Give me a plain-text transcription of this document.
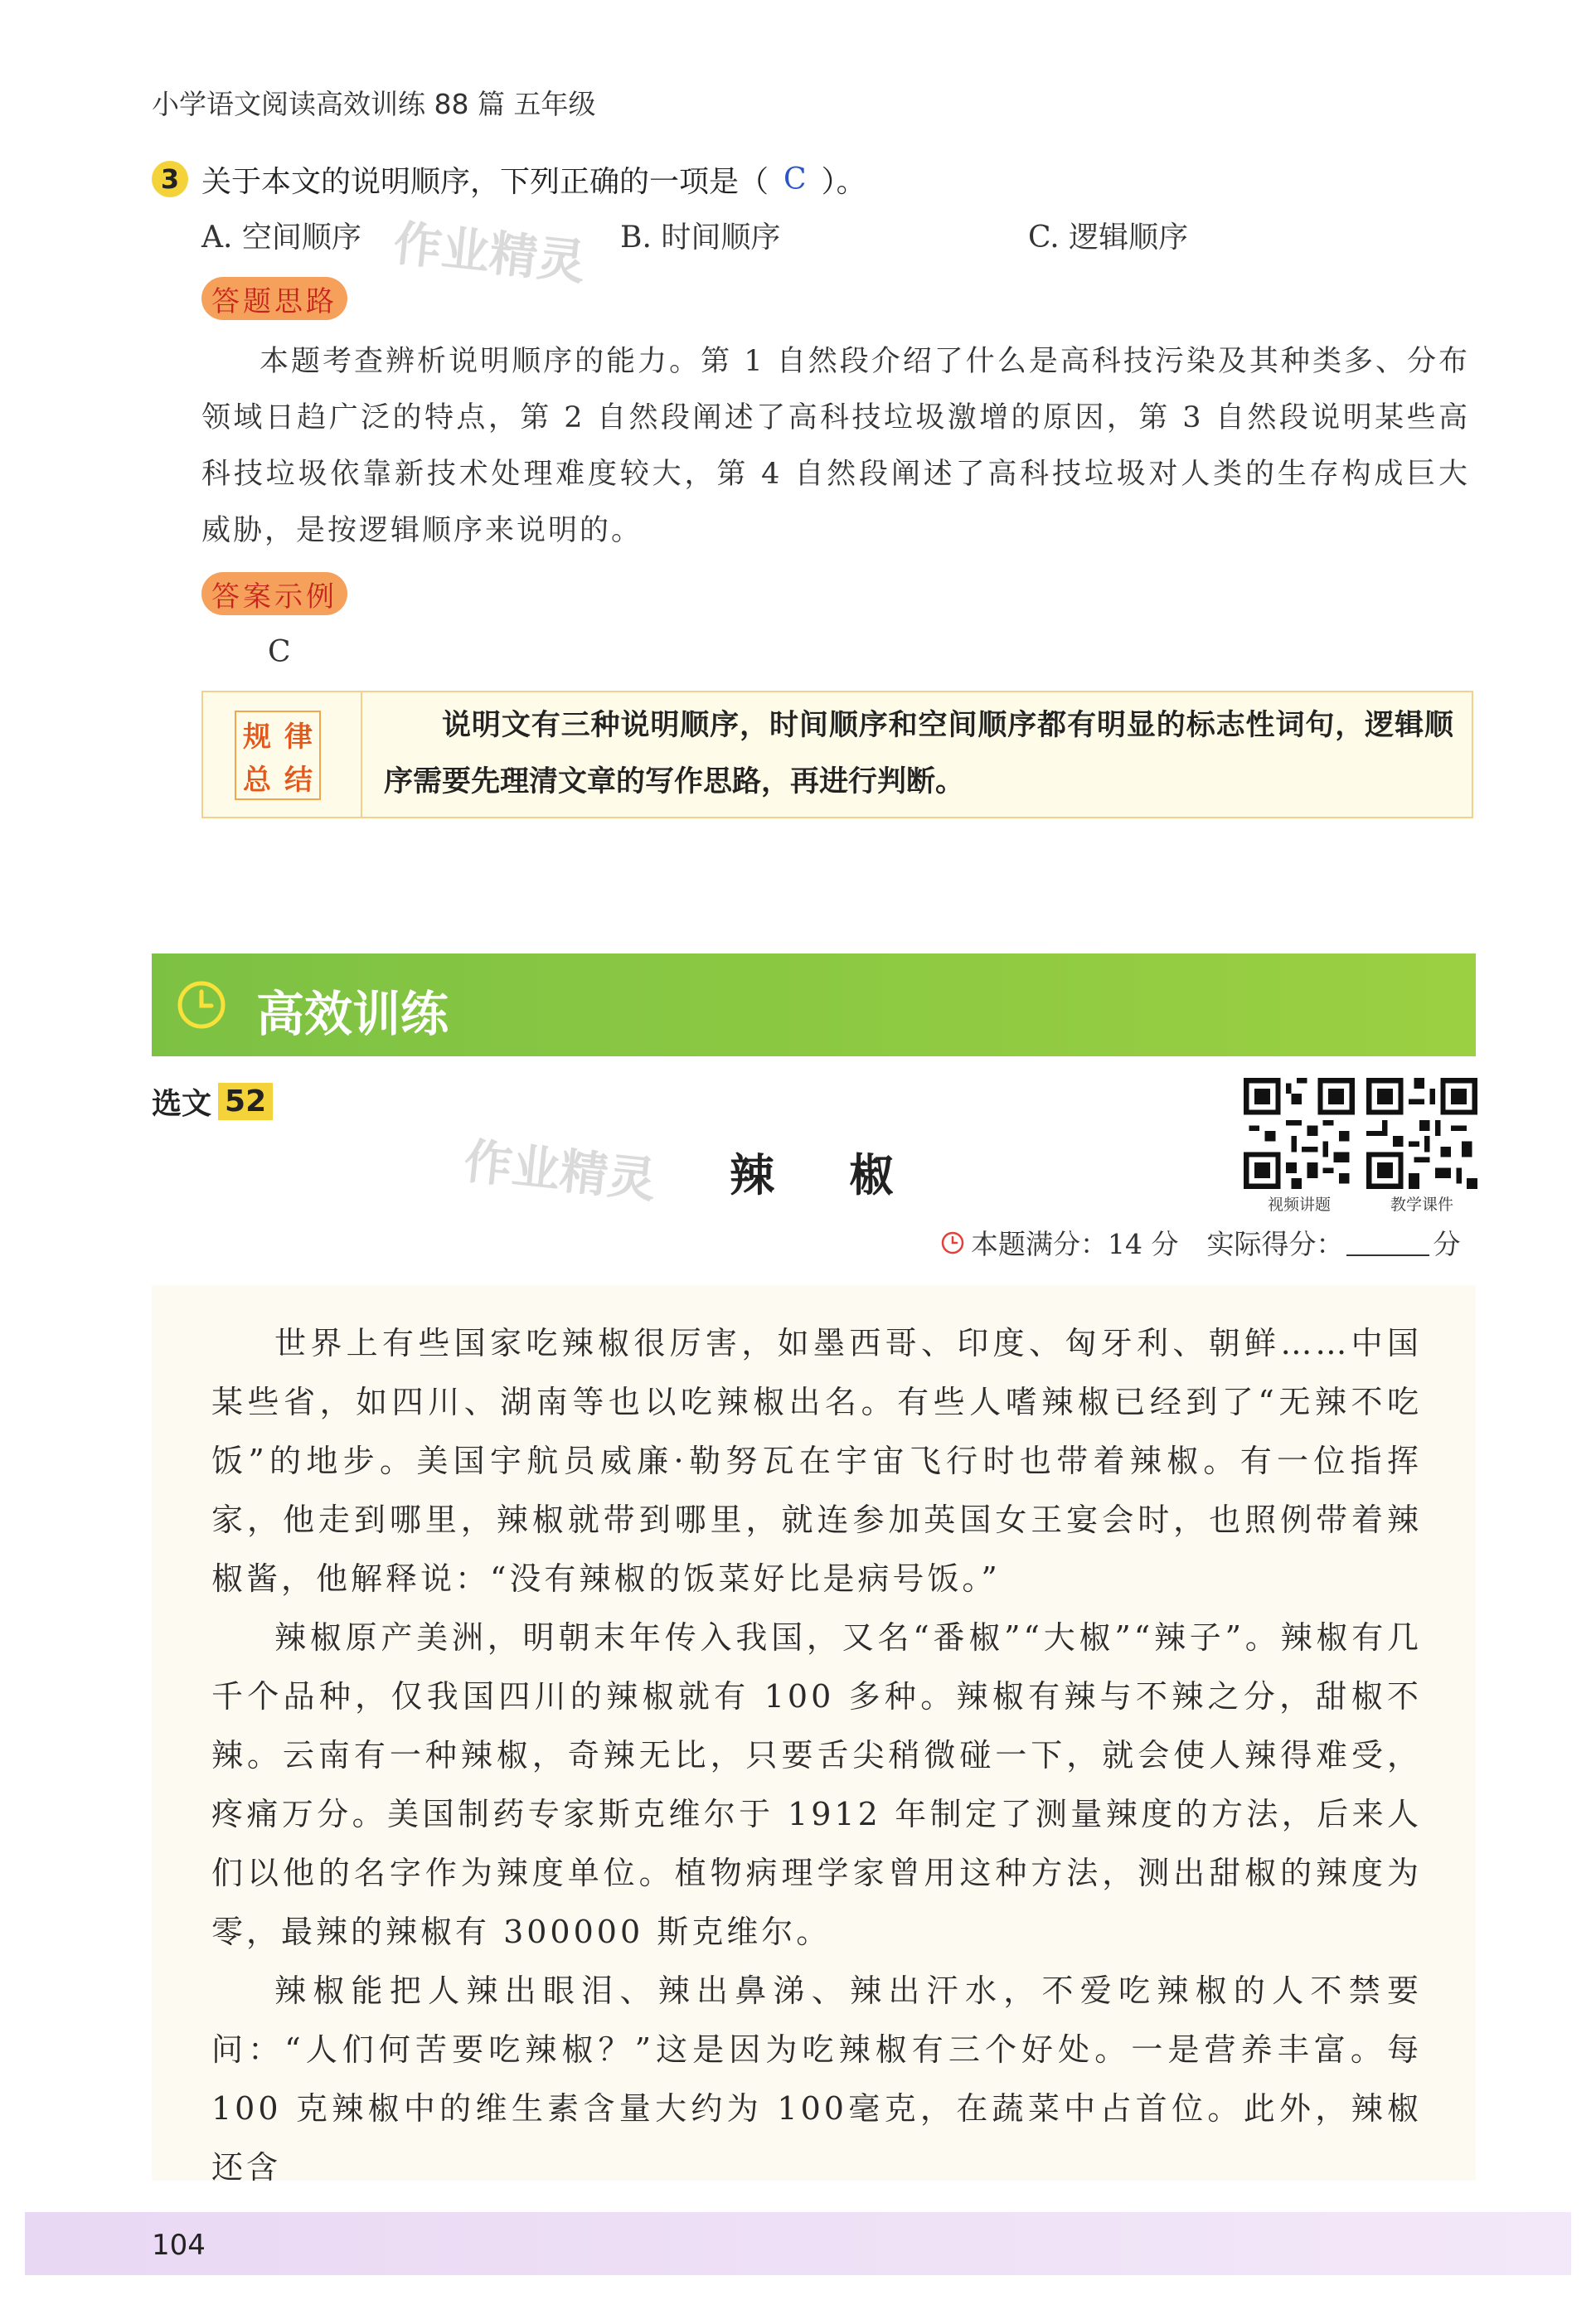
小学语文阅读高效训练 88 篇 五年级
3 关于本文的说明顺序，下列正确的一项是（ C ）。
A. 空间顺序	B. 时间顺序	C. 逻辑顺序
答题思路
本题考查辨析说明顺序的能力。第 1 自然段介绍了什么是高科技污染及其种类多、分布领域日趋广泛的特点，第 2 自然段阐述了高科技垃圾激增的原因，第 3 自然段说明某些高科技垃圾依靠新技术处理难度较大，第 4 自然段阐述了高科技垃圾对人类的生存构成巨大威胁，是按逻辑顺序来说明的。
答案示例
C
规 律
总 结
说明文有三种说明顺序，时间顺序和空间顺序都有明显的标志性词句，逻辑顺序需要先理清文章的写作思路，再进行判断。
高效训练
选文 52
作业精灵
作业精灵 辣椒
视频讲题	教学课件
本题满分：14 分 实际得分：	分
世界上有些国家吃辣椒很厉害，如墨西哥、印度、匈牙利、朝鲜……中国某些省，如四川、湖南等也以吃辣椒出名。有些人嗜辣椒已经到了“无辣不吃饭”的地步。美国宇航员威廉·勒努瓦在宇宙飞行时也带着辣椒。有一位指挥家，他走到哪里，辣椒就带到哪里，就连参加英国女王宴会时，也照例带着辣椒酱，他解释说：“没有辣椒的饭菜好比是病号饭。”
辣椒原产美洲，明朝末年传入我国，又名“番椒”“大椒”“辣子”。辣椒有几千个品种，仅我国四川的辣椒就有 100 多种。辣椒有辣与不辣之分，甜椒不辣。云南有一种辣椒，奇辣无比，只要舌尖稍微碰一下，就会使人辣得难受，疼痛万分。美国制药专家斯克维尔于 1912 年制定了测量辣度的方法，后来人们以他的名字作为辣度单位。植物病理学家曾用这种方法，测出甜椒的辣度为零，最辣的辣椒有 300000 斯克维尔。
辣椒能把人辣出眼泪、辣出鼻涕、辣出汗水，不爱吃辣椒的人不禁要问：“人们何苦要吃辣椒？”这是因为吃辣椒有三个好处。一是营养丰富。每 100 克辣椒中的维生素含量大约为 100毫克，在蔬菜中占首位。此外，辣椒还含
104
